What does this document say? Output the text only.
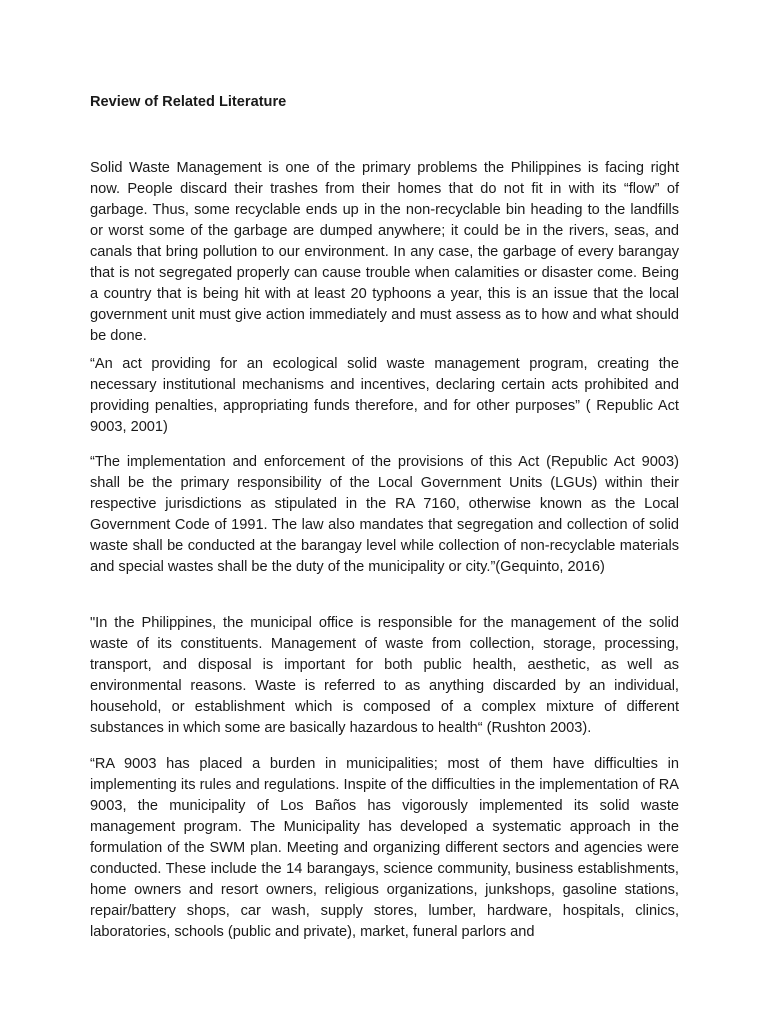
Review of Related Literature

Solid Waste Management is one of the primary problems the Philippines is facing right now. People discard their trashes from their homes that do not fit in with its “flow” of garbage. Thus, some recyclable ends up in the non-recyclable bin heading to the landfills or worst some of the garbage are dumped anywhere; it could be in the rivers, seas, and canals that bring pollution to our environment. In any case, the garbage of every barangay that is not segregated properly can cause trouble when calamities or disaster come. Being a country that is being hit with at least 20 typhoons a year, this is an issue that the local government unit must give action immediately and must assess as to how and what should be done.

“An act providing for an ecological solid waste management program, creating the necessary institutional mechanisms and incentives, declaring certain acts prohibited and providing penalties, appropriating funds therefore, and for other purposes” ( Republic Act 9003, 2001)

“The implementation and enforcement of the provisions of this Act (Republic Act 9003) shall be the primary responsibility of the Local Government Units (LGUs) within their respective jurisdictions as stipulated in the RA 7160, otherwise known as the Local Government Code of 1991. The law also mandates that segregation and collection of solid waste shall be conducted at the barangay level while collection of non-recyclable materials and special wastes shall be the duty of the municipality or city.”(Gequinto, 2016)

"In the Philippines, the municipal office is responsible for the management of the solid waste of its constituents. Management of waste from collection, storage, processing, transport, and disposal is important for both public health, aesthetic, as well as environmental reasons. Waste is referred to as anything discarded by an individual, household, or establishment which is composed of a complex mixture of different substances in which some are basically hazardous to health“ (Rushton 2003).

“RA 9003 has placed a burden in municipalities; most of them have difficulties in implementing its rules and regulations. Inspite of the difficulties in the implementation of RA 9003, the municipality of Los Baños has vigorously implemented its solid waste management program. The Municipality has developed a systematic approach in the formulation of the SWM plan. Meeting and organizing different sectors and agencies were conducted. These include the 14 barangays, science community, business establishments, home owners and resort owners, religious organizations, junkshops, gasoline stations, repair/battery shops, car wash, supply stores, lumber, hardware, hospitals, clinics, laboratories, schools (public and private), market, funeral parlors and
